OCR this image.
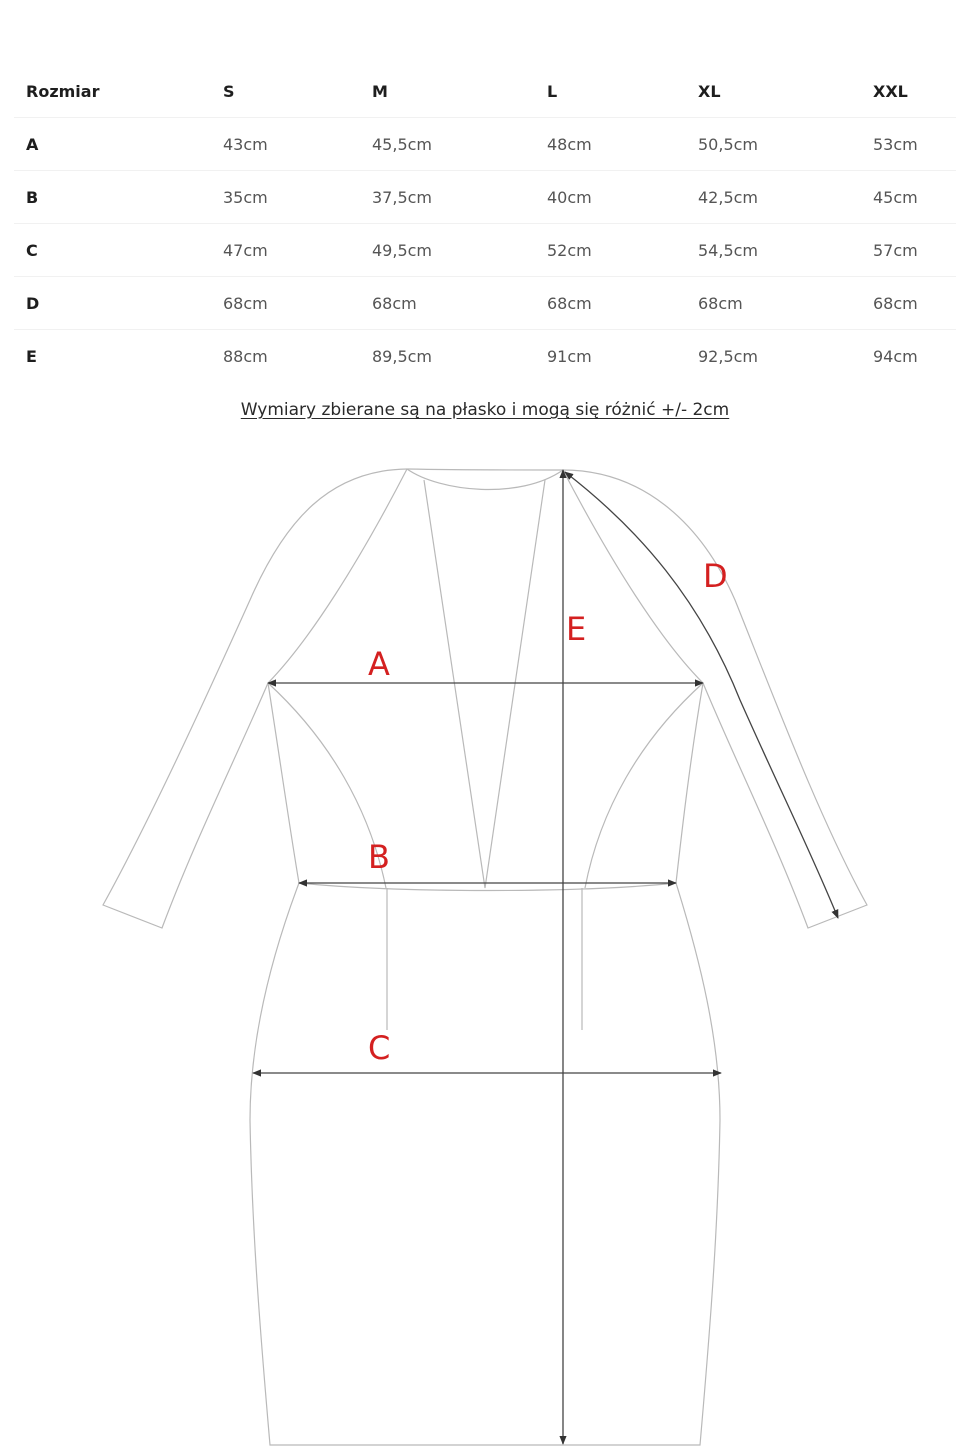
Rozmiar	S	M	L	XL	XXL
A	43cm	45,5cm	48cm	50,5cm	53cm
B	35cm	37,5cm	40cm	42,5cm	45cm
C	47cm	49,5cm	52cm	54,5cm	57cm
D	68cm	68cm	68cm	68cm	68cm
E	88cm	89,5cm	91cm	92,5cm	94cm
Wymiary zbierane są na płasko i mogą się różnić +/- 2cm
A
B
C
D
E
